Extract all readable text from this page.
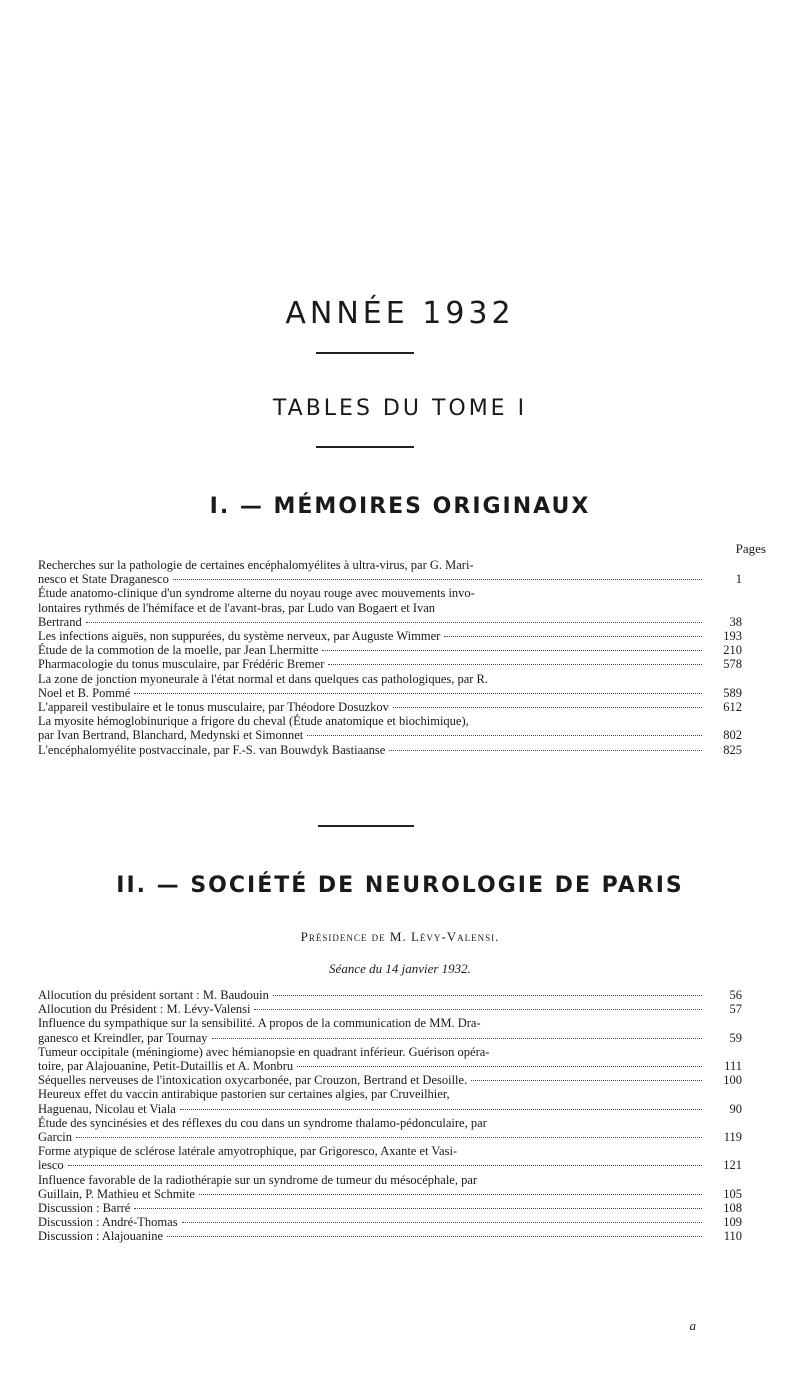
ANNÉE 1932
TABLES DU TOME I
I. — MÉMOIRES ORIGINAUX
Pages
Recherches sur la pathologie de certaines encéphalomyélites à ultra-virus, par G. Mari-
nesco et State Draganesco	1
Étude anatomo-clinique d'un syndrome alterne du noyau rouge avec mouvements invo-
lontaires rythmés de l'hémiface et de l'avant-bras, par Ludo van Bogaert et Ivan
Bertrand	38
Les infections aiguës, non suppurées, du système nerveux, par Auguste Wimmer	193
Étude de la commotion de la moelle, par Jean Lhermitte	210
Pharmacologie du tonus musculaire, par Frédéric Bremer	578
La zone de jonction myoneurale à l'état normal et dans quelques cas pathologiques, par R.
Noel et B. Pommé	589
L'appareil vestibulaire et le tonus musculaire, par Théodore Dosuzkov	612
La myosite hémoglobinurique a frigore du cheval (Étude anatomique et biochimique),
par Ivan Bertrand, Blanchard, Medynski et Simonnet	802
L'encéphalomyélite postvaccinale, par F.-S. van Bouwdyk Bastiaanse	825
II. — SOCIÉTÉ DE NEUROLOGIE DE PARIS
Présidence de M. Lévy-Valensi.
Séance du 14 janvier 1932.
Allocution du président sortant : M. Baudouin	56
Allocution du Président : M. Lévy-Valensi	57
Influence du sympathique sur la sensibilité. A propos de la communication de MM. Dra-
ganesco et Kreindler, par Tournay	59
Tumeur occipitale (méningiome) avec hémianopsie en quadrant inférieur. Guérison opéra-
toire, par Alajouanine, Petit-Dutaillis et A. Monbru	111
Séquelles nerveuses de l'intoxication oxycarbonée, par Crouzon, Bertrand et Desoille.	100
Heureux effet du vaccin antirabique pastorien sur certaines algies, par Cruveilhier,
Haguenau, Nicolau et Viala	90
Étude des syncinésies et des réflexes du cou dans un syndrome thalamo-pédonculaire, par
Garcin	119
Forme atypique de sclérose latérale amyotrophique, par Grigoresco, Axante et Vasi-
lesco	121
Influence favorable de la radiothérapie sur un syndrome de tumeur du mésocéphale, par
Guillain, P. Mathieu et Schmite	105
Discussion : Barré	108
Discussion : André-Thomas	109
Discussion : Alajouanine	110
a
